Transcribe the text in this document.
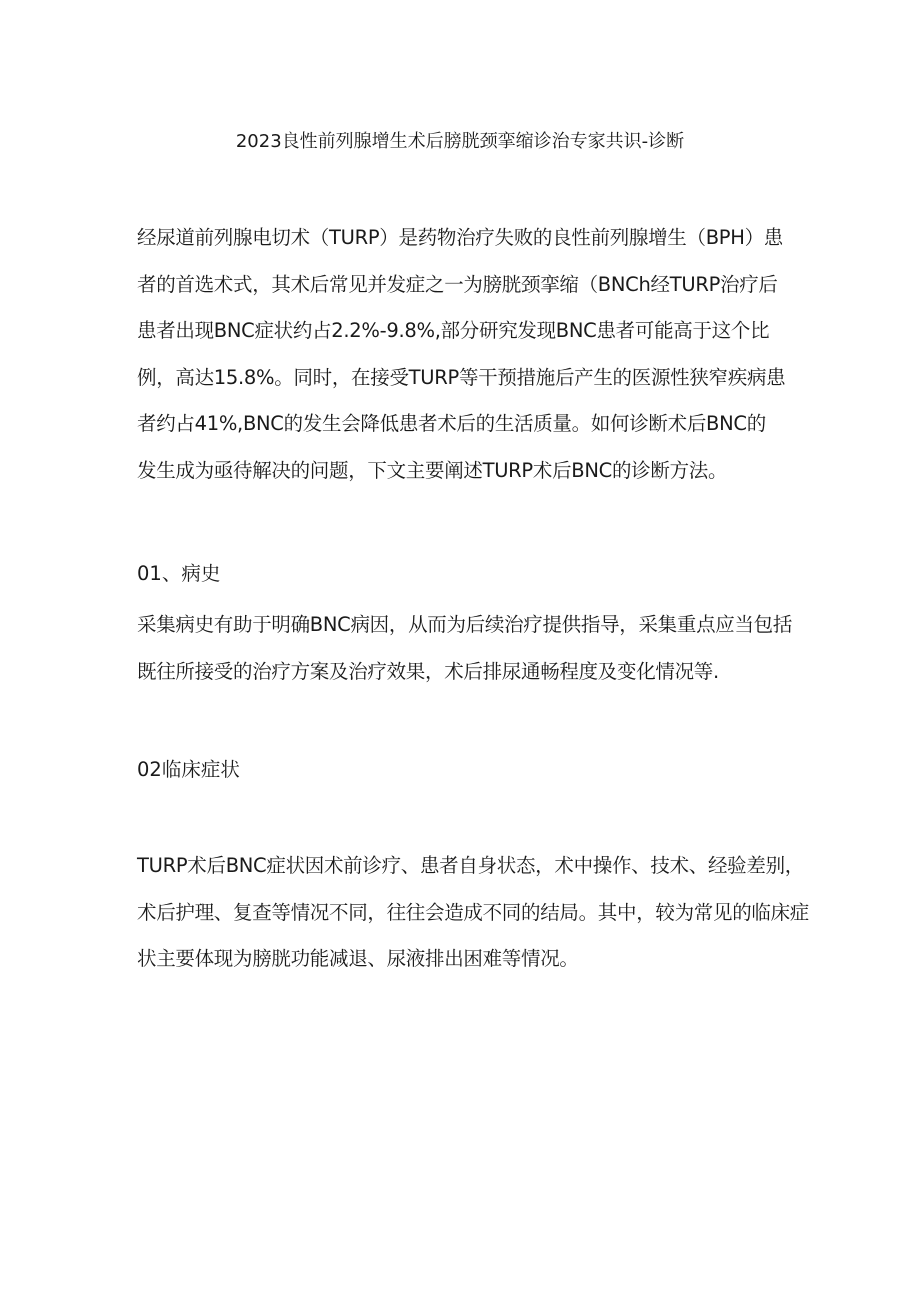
2023良性前列腺增生术后膀胱颈挛缩诊治专家共识-诊断
经尿道前列腺电切术（TURP）是药物治疗失败的良性前列腺增生（BPH）患
者的首选术式，其术后常见并发症之一为膀胱颈挛缩（BNCh经TURP治疗后
患者出现BNC症状约占2.2%-9.8%,部分研究发现BNC患者可能高于这个比
例，高达15.8%。同时，在接受TURP等干预措施后产生的医源性狭窄疾病患
者约占41%,BNC的发生会降低患者术后的生活质量。如何诊断术后BNC的
发生成为亟待解决的问题，下文主要阐述TURP术后BNC的诊断方法。
01、病史
采集病史有助于明确BNC病因，从而为后续治疗提供指导，采集重点应当包括
既往所接受的治疗方案及治疗效果，术后排尿通畅程度及变化情况等.
02临床症状
TURP术后BNC症状因术前诊疗、患者自身状态，术中操作、技术、经验差别，
术后护理、复查等情况不同，往往会造成不同的结局。其中，较为常见的临床症
状主要体现为膀胱功能减退、尿液排出困难等情况。
